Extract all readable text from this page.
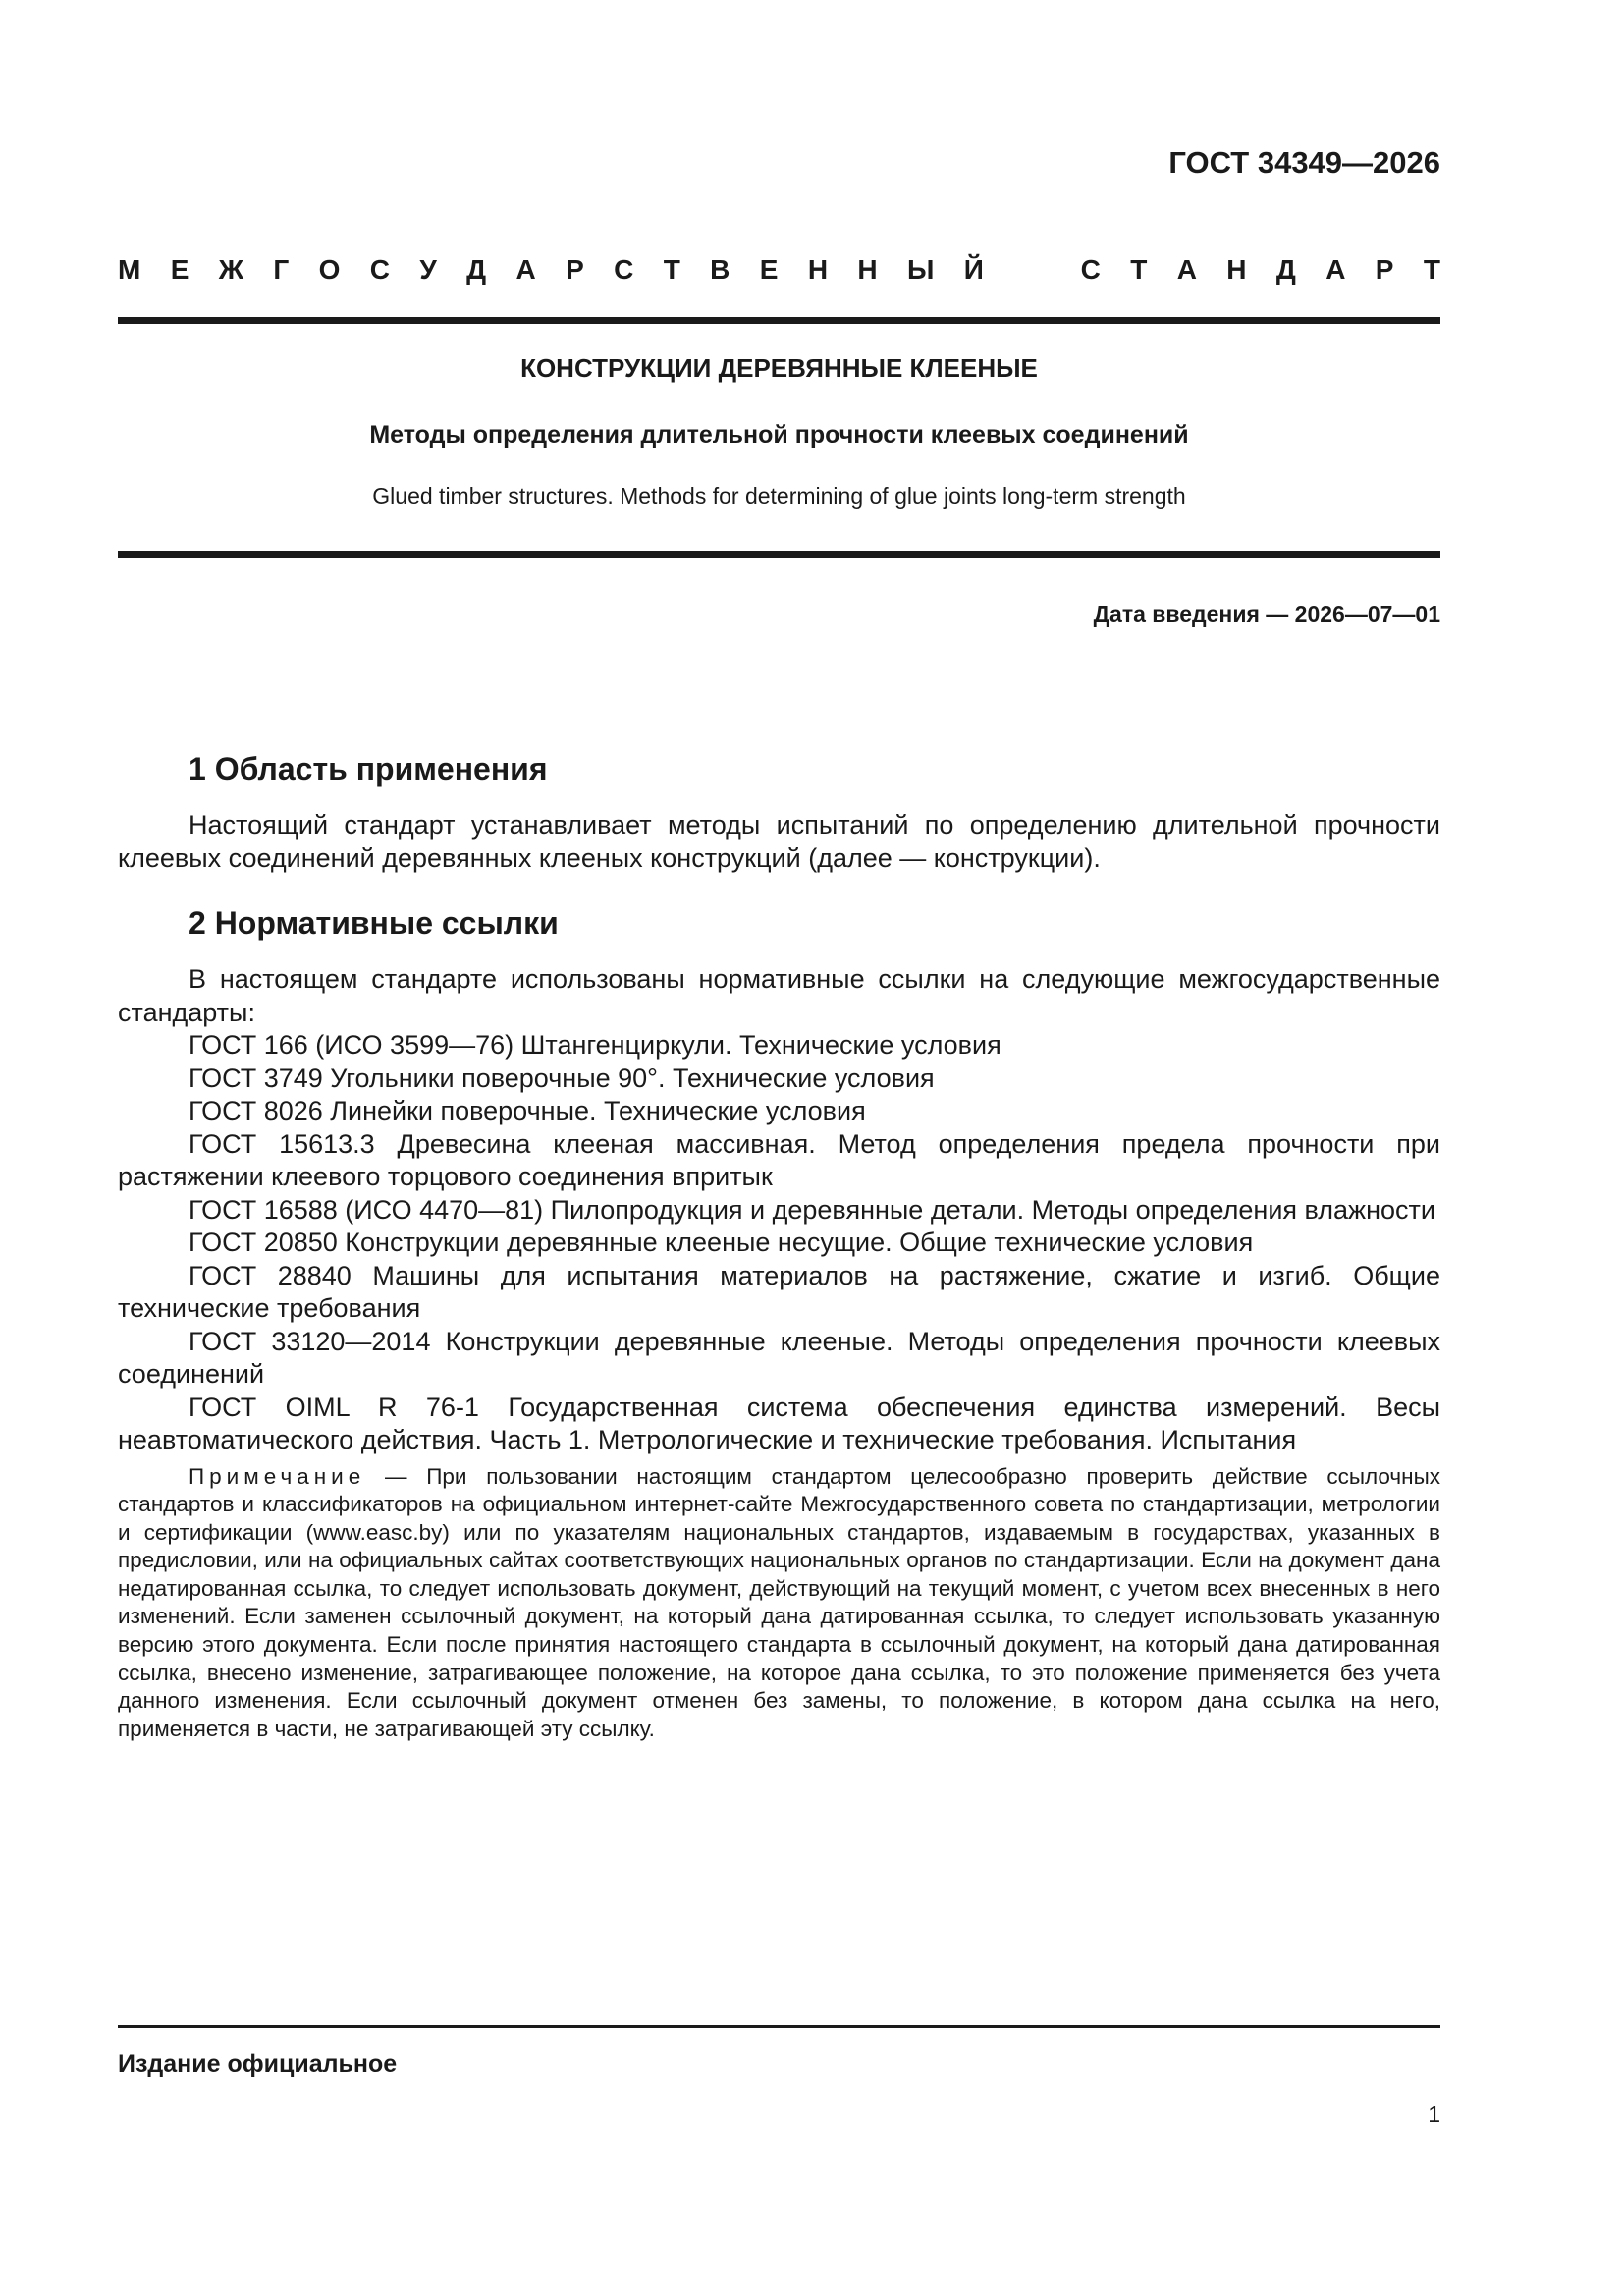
ГОСТ 34349—2026
М Е Ж Г О С У Д А Р С Т В Е Н Н Ы Й	С Т А Н Д А Р Т
КОНСТРУКЦИИ ДЕРЕВЯННЫЕ КЛЕЕНЫЕ
Методы определения длительной прочности клеевых соединений
Glued timber structures. Methods for determining of glue joints long-term strength
Дата введения — 2026—07—01
1 Область применения

Настоящий стандарт устанавливает методы испытаний по определению длительной прочности клеевых соединений деревянных клееных конструкций (далее — конструкции).

2 Нормативные ссылки

В настоящем стандарте использованы нормативные ссылки на следующие межгосударственные стандарты:

ГОСТ 166 (ИСО 3599—76) Штангенциркули. Технические условия

ГОСТ 3749 Угольники поверочные 90°. Технические условия

ГОСТ 8026 Линейки поверочные. Технические условия

ГОСТ 15613.3 Древесина клееная массивная. Метод определения предела прочности при растяжении клеевого торцового соединения впритык

ГОСТ 16588 (ИСО 4470—81) Пилопродукция и деревянные детали. Методы определения влажности

ГОСТ 20850 Конструкции деревянные клееные несущие. Общие технические условия

ГОСТ 28840 Машины для испытания материалов на растяжение, сжатие и изгиб. Общие технические требования

ГОСТ 33120—2014 Конструкции деревянные клееные. Методы определения прочности клеевых соединений

ГОСТ OIML R 76-1 Государственная система обеспечения единства измерений. Весы неавтоматического действия. Часть 1. Метрологические и технические требования. Испытания

Примечание — При пользовании настоящим стандартом целесообразно проверить действие ссылочных стандартов и классификаторов на официальном интернет-сайте Межгосударственного совета по стандартизации, метрологии и сертификации (www.easc.by) или по указателям национальных стандартов, издаваемым в государствах, указанных в предисловии, или на официальных сайтах соответствующих национальных органов по стандартизации. Если на документ дана недатированная ссылка, то следует использовать документ, действующий на текущий момент, с учетом всех внесенных в него изменений. Если заменен ссылочный документ, на который дана датированная ссылка, то следует использовать указанную версию этого документа. Если после принятия настоящего стандарта в ссылочный документ, на который дана датированная ссылка, внесено изменение, затрагивающее положение, на которое дана ссылка, то это положение применяется без учета данного изменения. Если ссылочный документ отменен без замены, то положение, в котором дана ссылка на него, применяется в части, не затрагивающей эту ссылку.

Издание официальное
1
